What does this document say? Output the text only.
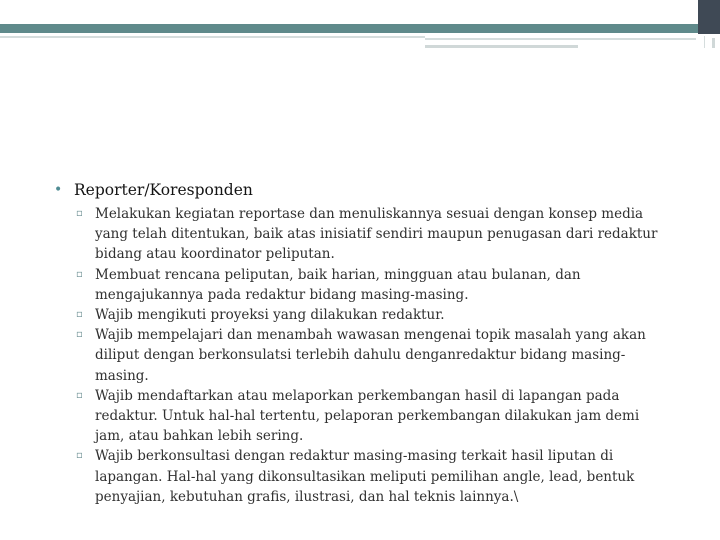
• Reporter/Koresponden
▫ Melakukan kegiatan reportase dan menuliskannya sesuai dengan konsep media
yang telah ditentukan, baik atas inisiatif sendiri maupun penugasan dari redaktur
bidang atau koordinator peliputan.
▫ Membuat rencana peliputan, baik harian, mingguan atau bulanan, dan
mengajukannya pada redaktur bidang masing-masing.
▫ Wajib mengikuti proyeksi yang dilakukan redaktur.
▫ Wajib mempelajari dan menambah wawasan mengenai topik masalah yang akan
diliput dengan berkonsulatsi terlebih dahulu denganredaktur bidang masing-
masing.
▫ Wajib mendaftarkan atau melaporkan perkembangan hasil di lapangan pada
redaktur. Untuk hal-hal tertentu, pelaporan perkembangan dilakukan jam demi
jam, atau bahkan lebih sering.
▫ Wajib berkonsultasi dengan redaktur masing-masing terkait hasil liputan di
lapangan. Hal-hal yang dikonsultasikan meliputi pemilihan angle, lead, bentuk
penyajian, kebutuhan grafis, ilustrasi, dan hal teknis lainnya.\
